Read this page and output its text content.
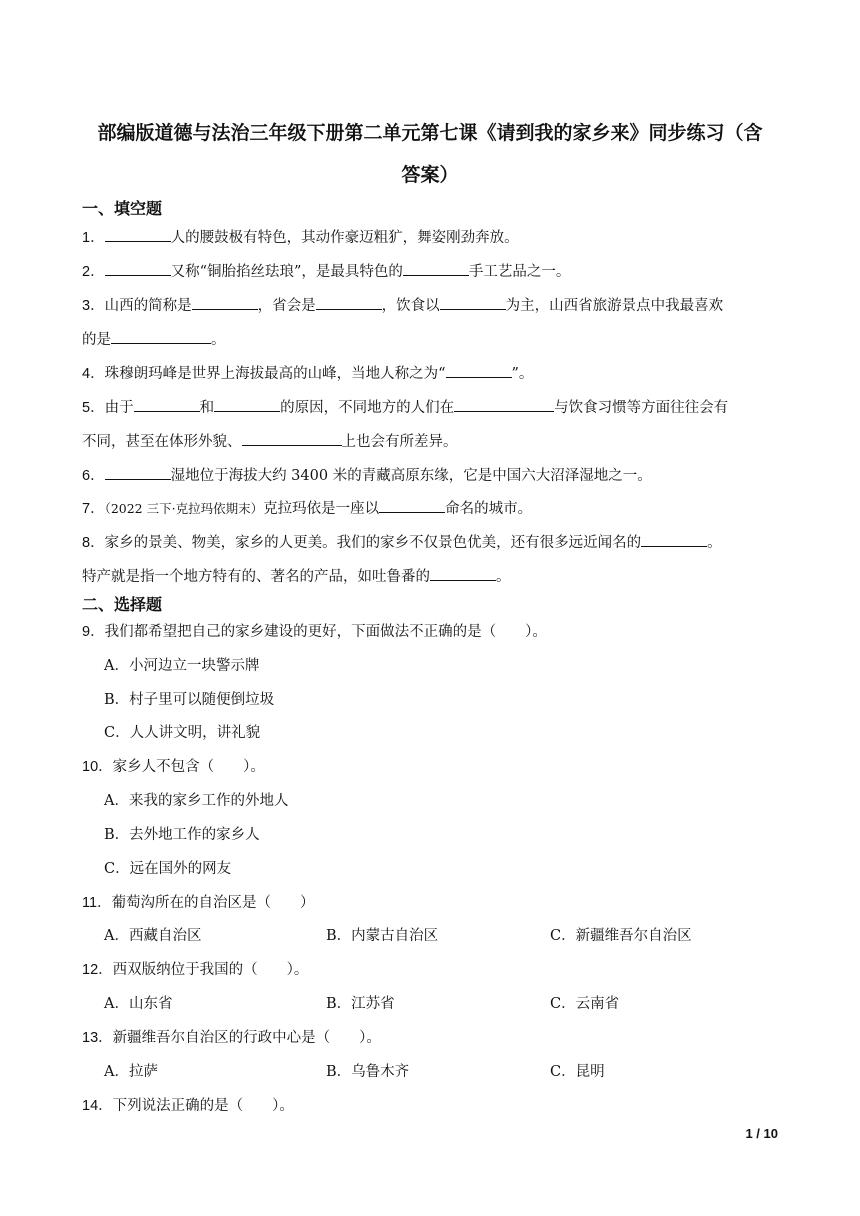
部编版道德与法治三年级下册第二单元第七课《请到我的家乡来》同步练习（含
答案）
一、填空题
1．	人的腰鼓极有特色，其动作豪迈粗犷，舞姿刚劲奔放。
2．	又称“铜胎掐丝珐琅”，是最具特色的	手工艺品之一。
3．山西的简称是	，省会是	，饮食以	为主，山西省旅游景点中我最喜欢
的是	。
4．珠穆朗玛峰是世界上海拔最高的山峰，当地人称之为“	”。
5．由于	和	的原因，不同地方的人们在	与饮食习惯等方面往往会有
不同，甚至在体形外貌、	上也会有所差异。
6．	湿地位于海拔大约 3400 米的青藏高原东缘，它是中国六大沼泽湿地之一。
7．（2022 三下·克拉玛依期末）克拉玛依是一座以	命名的城市。
8．家乡的景美、物美，家乡的人更美。我们的家乡不仅景色优美，还有很多远近闻名的	。
特产就是指一个地方特有的、著名的产品，如吐鲁番的	。
二、选择题
9．我们都希望把自己的家乡建设的更好，下面做法不正确的是（　　）。
A．小河边立一块警示牌
B．村子里可以随便倒垃圾
C．人人讲文明，讲礼貌
10．家乡人不包含（　　）。
A．来我的家乡工作的外地人
B．去外地工作的家乡人
C．远在国外的网友
11．葡萄沟所在的自治区是（　　）
A．西藏自治区	B．内蒙古自治区	C．新疆维吾尔自治区
12．西双版纳位于我国的（　　）。
A．山东省	B．江苏省	C．云南省
13．新疆维吾尔自治区的行政中心是（　　）。
A．拉萨	B．乌鲁木齐	C．昆明
14．下列说法正确的是（　　）。
1 / 10
